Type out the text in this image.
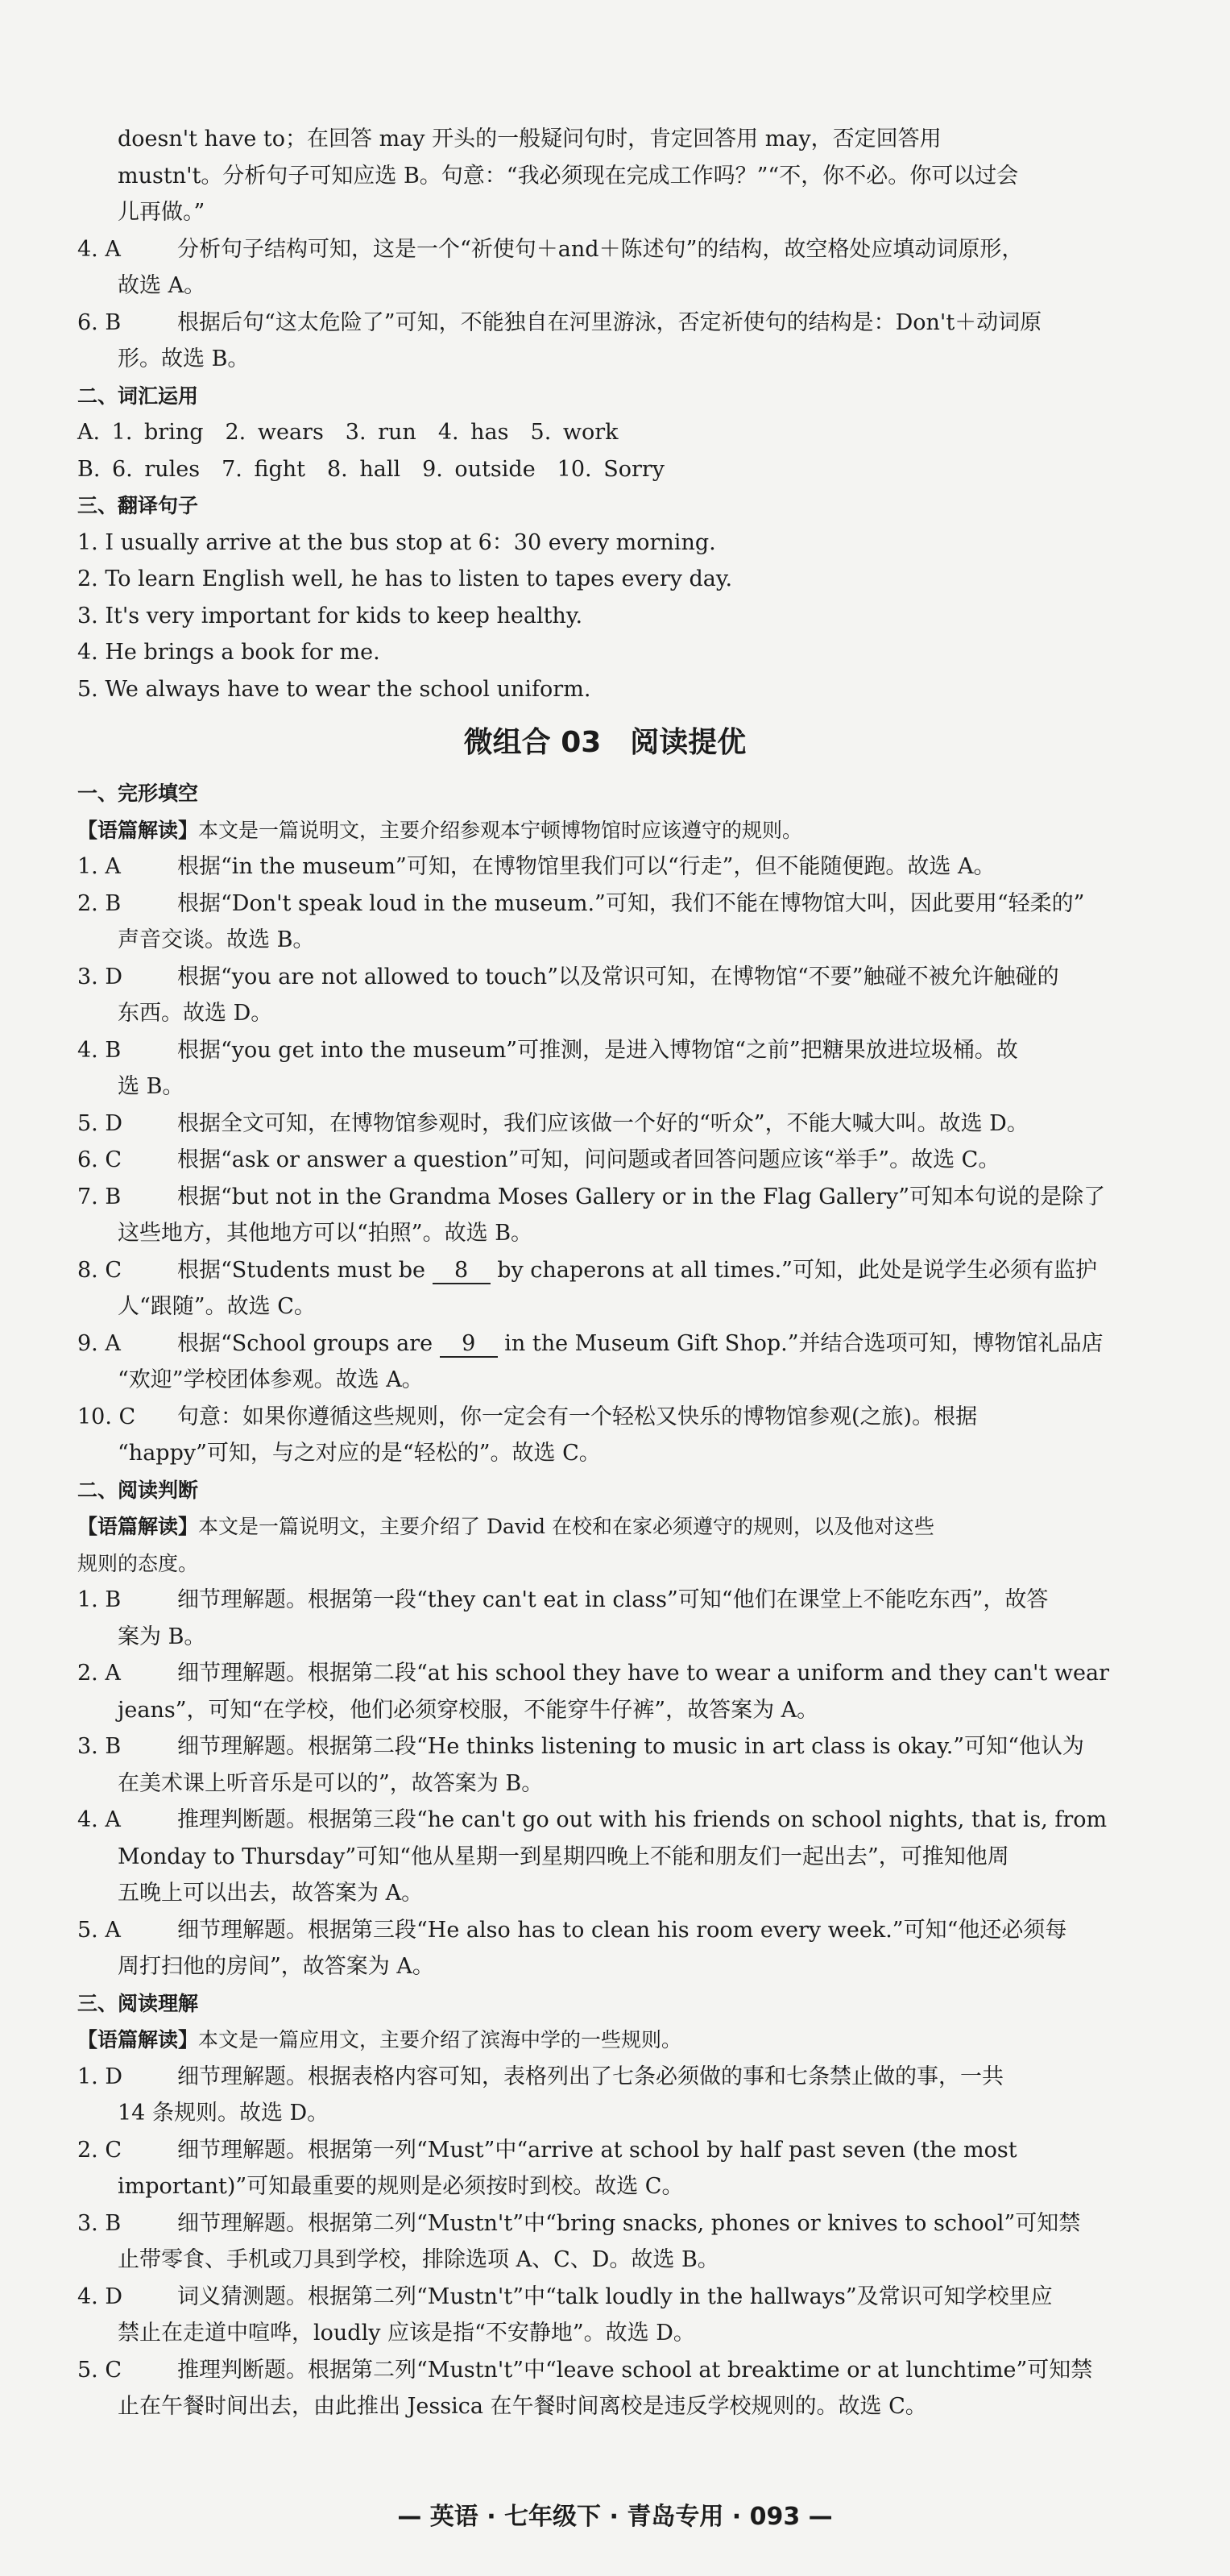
doesn't have to；在回答 may 开头的一般疑问句时，肯定回答用 may，否定回答用

mustn't。分析句子可知应选 B。句意：“我必须现在完成工作吗？”“不，你不必。你可以过会

儿再做。”

4. A	分析句子结构可知，这是一个“祈使句＋and＋陈述句”的结构，故空格处应填动词原形，

故选 A。

6. B	根据后句“这太危险了”可知，不能独自在河里游泳，否定祈使句的结构是：Don't＋动词原

形。故选 B。

二、词汇运用

A. 1. bring　2. wears　3. run　4. has　5. work

B. 6. rules　7. fight　8. hall　9. outside　10. Sorry

三、翻译句子

1. I usually arrive at the bus stop at 6：30 every morning.

2. To learn English well, he has to listen to tapes every day.

3. It's very important for kids to keep healthy.

4. He brings a book for me.

5. We always have to wear the school uniform.

微组合 03　阅读提优

一、完形填空

【语篇解读】本文是一篇说明文，主要介绍参观本宁顿博物馆时应该遵守的规则。

1. A	根据“in the museum”可知，在博物馆里我们可以“行走”，但不能随便跑。故选 A。

2. B	根据“Don't speak loud in the museum.”可知，我们不能在博物馆大叫，因此要用“轻柔的”

声音交谈。故选 B。

3. D	根据“you are not allowed to touch”以及常识可知，在博物馆“不要”触碰不被允许触碰的

东西。故选 D。

4. B	根据“you get into the museum”可推测，是进入博物馆“之前”把糖果放进垃圾桶。故

选 B。

5. D	根据全文可知，在博物馆参观时，我们应该做一个好的“听众”，不能大喊大叫。故选 D。

6. C	根据“ask or answer a question”可知，问问题或者回答问题应该“举手”。故选 C。

7. B	根据“but not in the Grandma Moses Gallery or in the Flag Gallery”可知本句说的是除了

这些地方，其他地方可以“拍照”。故选 B。

8. C	根据“Students must be 8 by chaperons at all times.”可知，此处是说学生必须有监护

人“跟随”。故选 C。

9. A	根据“School groups are 9 in the Museum Gift Shop.”并结合选项可知，博物馆礼品店

“欢迎”学校团体参观。故选 A。

10. C	句意：如果你遵循这些规则，你一定会有一个轻松又快乐的博物馆参观(之旅)。根据

“happy”可知，与之对应的是“轻松的”。故选 C。

二、阅读判断

【语篇解读】本文是一篇说明文，主要介绍了 David 在校和在家必须遵守的规则，以及他对这些

规则的态度。

1. B	细节理解题。根据第一段“they can't eat in class”可知“他们在课堂上不能吃东西”，故答

案为 B。

2. A	细节理解题。根据第二段“at his school they have to wear a uniform and they can't wear

jeans”，可知“在学校，他们必须穿校服，不能穿牛仔裤”，故答案为 A。

3. B	细节理解题。根据第二段“He thinks listening to music in art class is okay.”可知“他认为

在美术课上听音乐是可以的”，故答案为 B。

4. A	推理判断题。根据第三段“he can't go out with his friends on school nights, that is, from

Monday to Thursday”可知“他从星期一到星期四晚上不能和朋友们一起出去”，可推知他周

五晚上可以出去，故答案为 A。

5. A	细节理解题。根据第三段“He also has to clean his room every week.”可知“他还必须每

周打扫他的房间”，故答案为 A。

三、阅读理解

【语篇解读】本文是一篇应用文，主要介绍了滨海中学的一些规则。

1. D	细节理解题。根据表格内容可知，表格列出了七条必须做的事和七条禁止做的事，一共

14 条规则。故选 D。

2. C	细节理解题。根据第一列“Must”中“arrive at school by half past seven (the most

important)”可知最重要的规则是必须按时到校。故选 C。

3. B	细节理解题。根据第二列“Mustn't”中“bring snacks, phones or knives to school”可知禁

止带零食、手机或刀具到学校，排除选项 A、C、D。故选 B。

4. D	词义猜测题。根据第二列“Mustn't”中“talk loudly in the hallways”及常识可知学校里应

禁止在走道中喧哗，loudly 应该是指“不安静地”。故选 D。

5. C	推理判断题。根据第二列“Mustn't”中“leave school at breaktime or at lunchtime”可知禁

止在午餐时间出去，由此推出 Jessica 在午餐时间离校是违反学校规则的。故选 C。

— 英语 · 七年级下 · 青岛专用 · 093 —
